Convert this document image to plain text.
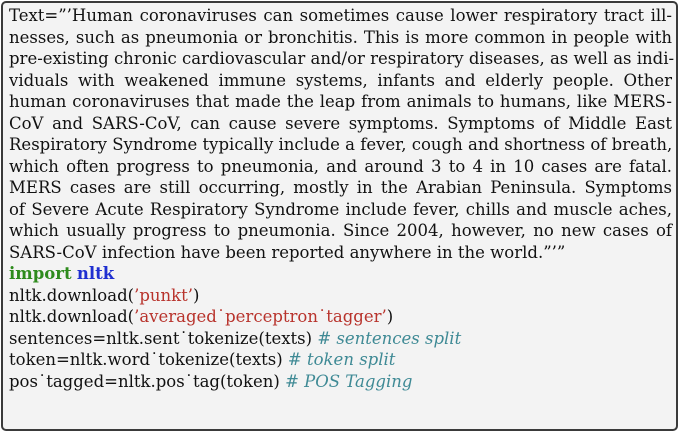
Text=”’Human coronaviruses can sometimes cause lower respiratory tract ill-
nesses, such as pneumonia or bronchitis. This is more common in people with
pre-existing chronic cardiovascular and/or respiratory diseases, as well as indi-
viduals with weakened immune systems, infants and elderly people. Other
human coronaviruses that made the leap from animals to humans, like MERS-
CoV and SARS-CoV, can cause severe symptoms. Symptoms of Middle East
Respiratory Syndrome typically include a fever, cough and shortness of breath,
which often progress to pneumonia, and around 3 to 4 in 10 cases are fatal.
MERS cases are still occurring, mostly in the Arabian Peninsula. Symptoms
of Severe Acute Respiratory Syndrome include fever, chills and muscle aches,
which usually progress to pneumonia. Since 2004, however, no new cases of
SARS-CoV infection have been reported anywhere in the world.”’”
import nltk
nltk.download(’punkt’)
nltk.download(’averaged˙perceptron˙tagger’)
sentences=nltk.sent˙tokenize(texts) # sentences split
token=nltk.word˙tokenize(texts) # token split
pos˙tagged=nltk.pos˙tag(token) # POS Tagging
